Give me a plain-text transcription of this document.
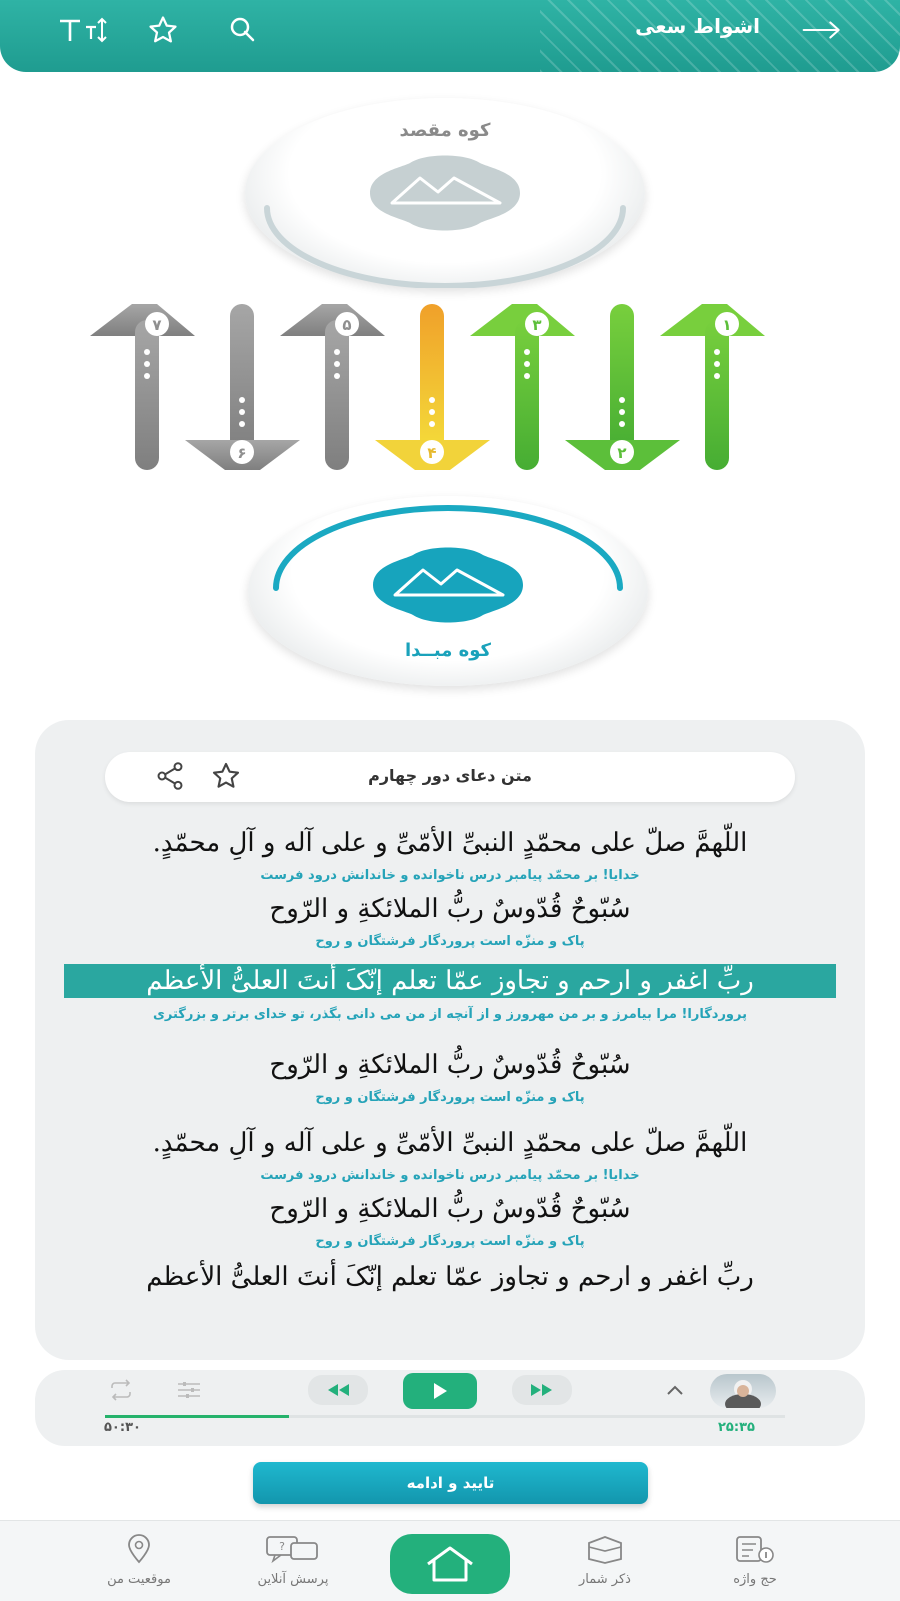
اشواط سعی
کوه مقصد
۷
۶
۵
۴
۳
۲
۱
کوه مبــدا
متن دعای دور چهارم
اللّهمَّ صلّ علی محمّدٍ النبیِّ الأمّیِّ و علی آله و آلِ محمّدٍ.
خدایا! بر محمّد پیامبر درس ناخوانده و خاندانش درود فرست
سُبّوحٌ قُدّوسٌ ربُّ الملائکةِ و الرّوح
پاک و منزّه است پروردگار فرشتگان و روح
ربِّ اغفر و ارحم و تجاوز عمّا تعلم إنّکَ أنتَ العلیُّ الأعظم
پروردگارا! مرا بیامرز و بر من مهرورز و از آنچه از من می دانی بگذر، تو خدای برتر و بزرگتری
سُبّوحٌ قُدّوسٌ ربُّ الملائکةِ و الرّوح
پاک و منزّه است پروردگار فرشتگان و روح
اللّهمَّ صلّ علی محمّدٍ النبیِّ الأمّیِّ و علی آله و آلِ محمّدٍ.
خدایا! بر محمّد پیامبر درس ناخوانده و خاندانش درود فرست
سُبّوحٌ قُدّوسٌ ربُّ الملائکةِ و الرّوح
پاک و منزّه است پروردگار فرشتگان و روح
ربِّ اغفر و ارحم و تجاوز عمّا تعلم إنّکَ أنتَ العلیُّ الأعظم
۲۵:۳۵
۵۰:۳۰
تایید و ادامه
حج واژه
ذکر شمار
?
پرسش آنلاین
موقعیت من
